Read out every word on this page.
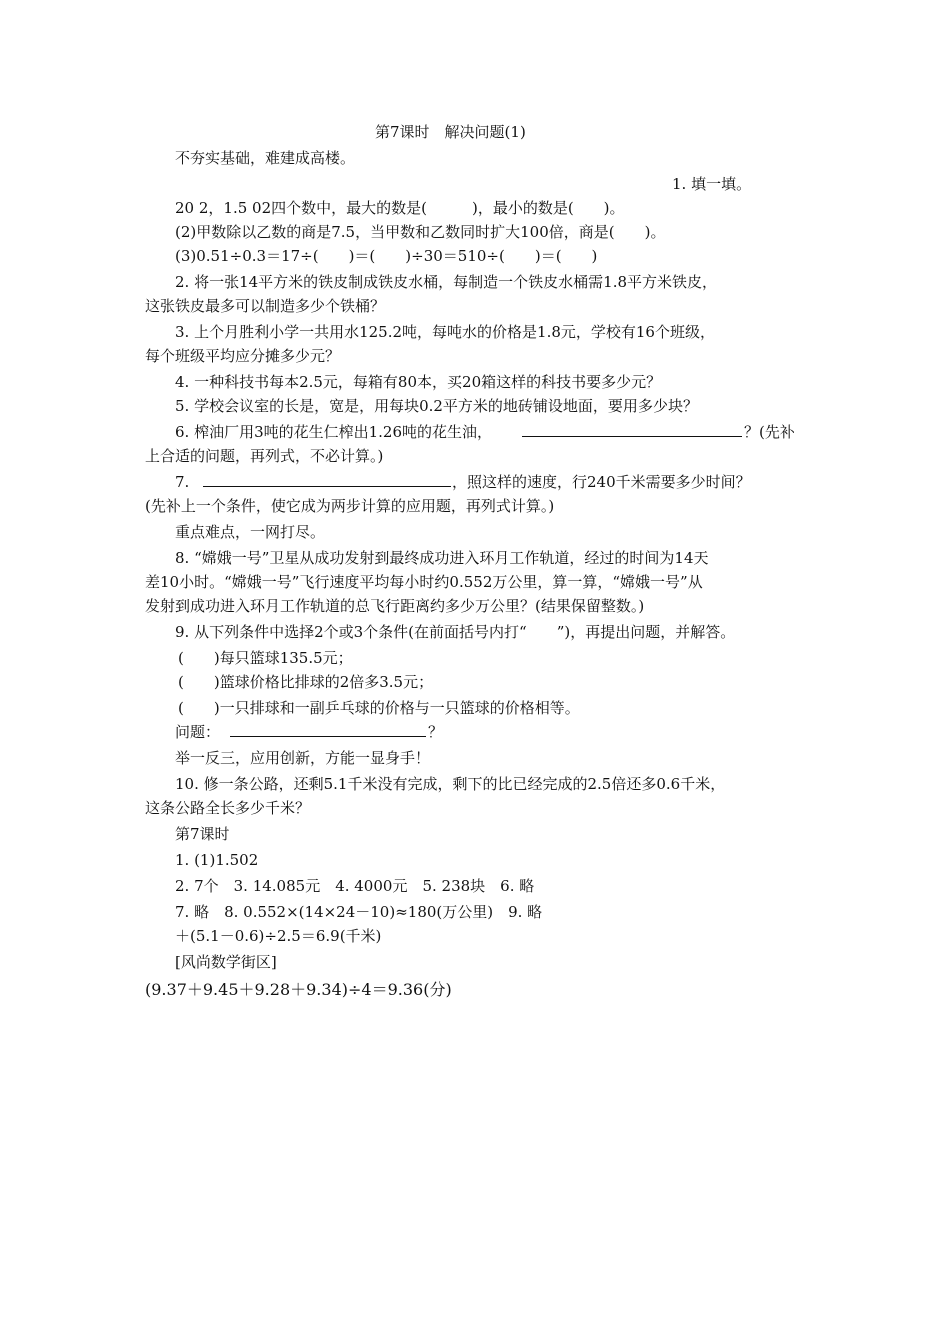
第7课时　解决问题(1)
不夯实基础，难建成高楼。
1. 填一填。
20 2，1.5 02四个数中，最大的数是(　　　)，最小的数是(　　)。
(2)甲数除以乙数的商是7.5，当甲数和乙数同时扩大100倍，商是(　　)。
(3)0.51÷0.3＝17÷(　　)＝(　　)÷30＝510÷(　　)＝(　　)
2. 将一张14平方米的铁皮制成铁皮水桶，每制造一个铁皮水桶需1.8平方米铁皮，
这张铁皮最多可以制造多少个铁桶？
3. 上个月胜利小学一共用水125.2吨，每吨水的价格是1.8元，学校有16个班级，
每个班级平均应分摊多少元？
4. 一种科技书每本2.5元，每箱有80本，买20箱这样的科技书要多少元？
5. 学校会议室的长是，宽是，用每块0.2平方米的地砖铺设地面，要用多少块？
6. 榨油厂用3吨的花生仁榨出1.26吨的花生油，	？(先补
上合适的问题，再列式，不必计算。)
7.	，照这样的速度，行240千米需要多少时间？
(先补上一个条件，使它成为两步计算的应用题，再列式计算。)
重点难点，一网打尽。
8. “嫦娥一号”卫星从成功发射到最终成功进入环月工作轨道，经过的时间为14天
差10小时。“嫦娥一号”飞行速度平均每小时约0.552万公里，算一算，“嫦娥一号”从
发射到成功进入环月工作轨道的总飞行距离约多少万公里？(结果保留整数。)
9. 从下列条件中选择2个或3个条件(在前面括号内打“　　”)，再提出问题，并解答。
(　　)每只篮球135.5元；
(　　)篮球价格比排球的2倍多3.5元；
(　　)一只排球和一副乒乓球的价格与一只篮球的价格相等。
问题：	？
举一反三，应用创新，方能一显身手！
10. 修一条公路，还剩5.1千米没有完成，剩下的比已经完成的2.5倍还多0.6千米，
这条公路全长多少千米？
第7课时
1. (1)1.502
2. 7个　3. 14.085元　4. 4000元　5. 238块　6. 略
7. 略　8. 0.552×(14×24－10)≈180(万公里)　9. 略
＋(5.1－0.6)÷2.5＝6.9(千米)
[风尚数学街区]
(9.37＋9.45＋9.28＋9.34)÷4＝9.36(分)
